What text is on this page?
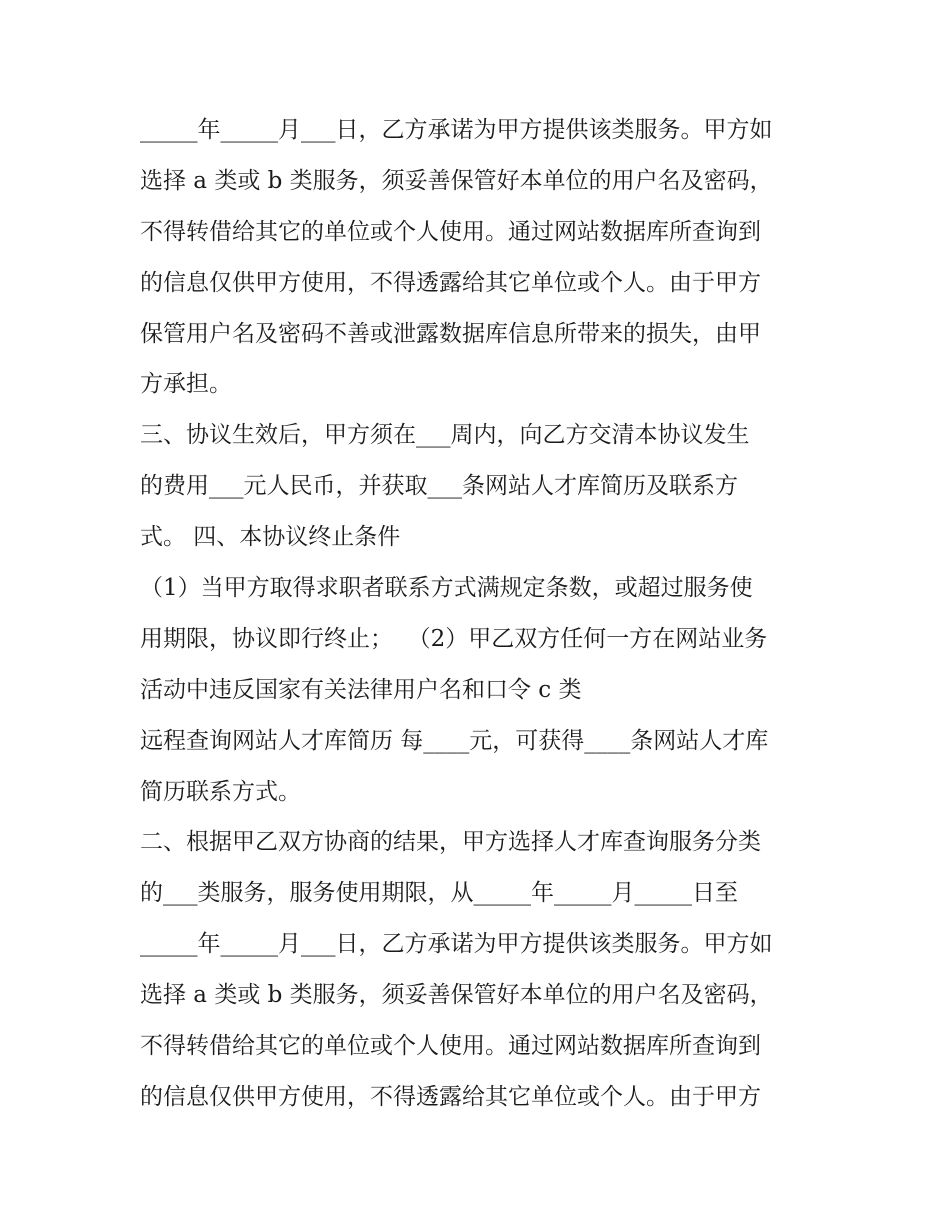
_____年_____月___日，乙方承诺为甲方提供该类服务。甲方如
选择 a 类或 b 类服务，须妥善保管好本单位的用户名及密码，
不得转借给其它的单位或个人使用。通过网站数据库所查询到
的信息仅供甲方使用，不得透露给其它单位或个人。由于甲方
保管用户名及密码不善或泄露数据库信息所带来的损失，由甲
方承担。
三、协议生效后，甲方须在___周内，向乙方交清本协议发生
的费用___元人民币，并获取___条网站人才库简历及联系方
式。 四、本协议终止条件
（1）当甲方取得求职者联系方式满规定条数，或超过服务使
用期限，协议即行终止；  （2）甲乙双方任何一方在网站业务
活动中违反国家有关法律用户名和口令 c 类
远程查询网站人才库简历 每____元，可获得____条网站人才库
简历联系方式。
二、根据甲乙双方协商的结果，甲方选择人才库查询服务分类
的___类服务，服务使用期限，从_____年_____月_____日至
_____年_____月___日，乙方承诺为甲方提供该类服务。甲方如
选择 a 类或 b 类服务，须妥善保管好本单位的用户名及密码，
不得转借给其它的单位或个人使用。通过网站数据库所查询到
的信息仅供甲方使用，不得透露给其它单位或个人。由于甲方
